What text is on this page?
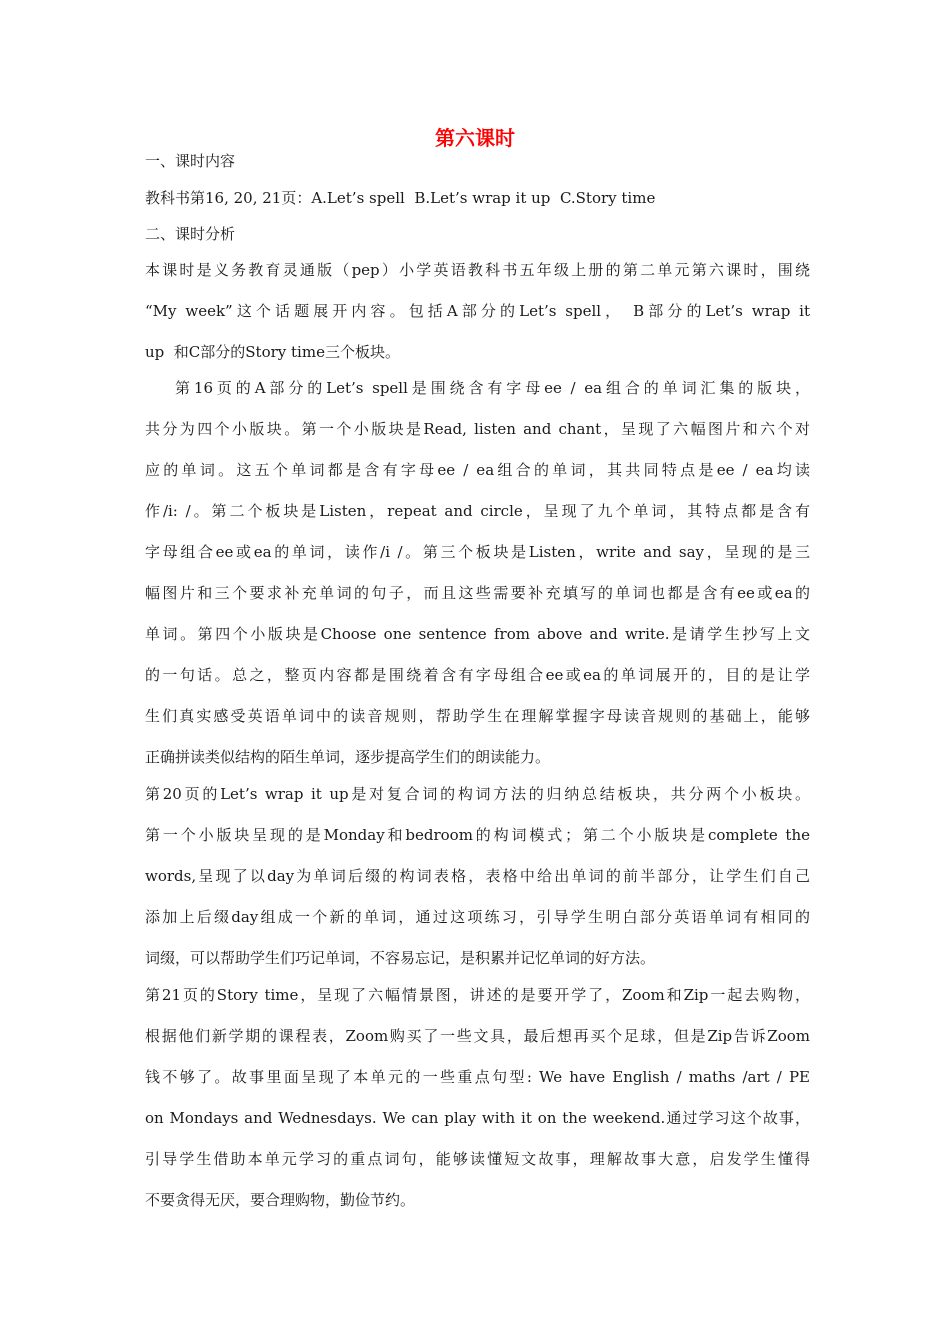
第六课时
一、课时内容
教科书第16, 20, 21页：A.Let’s spell  B.Let’s wrap it up  C.Story time
二、课时分析
本课时是义务教育灵通版（pep）小学英语教科书五年级上册的第二单元第六课时，围绕
“My week”这个话题展开内容。包括A部分的Let’s spell， B部分的Let’s wrap it
up  和C部分的Story time三个板块。
第16页的A部分的Let’s spell是围绕含有字母ee / ea组合的单词汇集的版块，
共分为四个小版块。第一个小版块是Read, listen and chant，呈现了六幅图片和六个对
应的单词。这五个单词都是含有字母ee / ea组合的单词，其共同特点是ee / ea均读
作/i: /。第二个板块是Listen，repeat and circle，呈现了九个单词，其特点都是含有
字母组合ee或ea的单词，读作/i /。第三个板块是Listen，write and say，呈现的是三
幅图片和三个要求补充单词的句子，而且这些需要补充填写的单词也都是含有ee或ea的
单词。第四个小版块是Choose one sentence from above and write.是请学生抄写上文
的一句话。总之，整页内容都是围绕着含有字母组合ee或ea的单词展开的，目的是让学
生们真实感受英语单词中的读音规则，帮助学生在理解掌握字母读音规则的基础上，能够
正确拼读类似结构的陌生单词，逐步提高学生们的朗读能力。
第20页的Let’s wrap it up是对复合词的构词方法的归纳总结板块，共分两个小板块。
第一个小版块呈现的是Monday和bedroom的构词模式；第二个小版块是complete the
words,呈现了以day为单词后缀的构词表格，表格中给出单词的前半部分，让学生们自己
添加上后缀day组成一个新的单词，通过这项练习，引导学生明白部分英语单词有相同的
词缀，可以帮助学生们巧记单词，不容易忘记，是积累并记忆单词的好方法。
第21页的Story time，呈现了六幅情景图，讲述的是要开学了，Zoom和Zip一起去购物，
根据他们新学期的课程表，Zoom购买了一些文具，最后想再买个足球，但是Zip告诉Zoom
钱不够了。故事里面呈现了本单元的一些重点句型: We have English / maths /art / PE
on Mondays and Wednesdays. We can play with it on the weekend.通过学习这个故事，
引导学生借助本单元学习的重点词句，能够读懂短文故事，理解故事大意，启发学生懂得
不要贪得无厌，要合理购物，勤俭节约。
